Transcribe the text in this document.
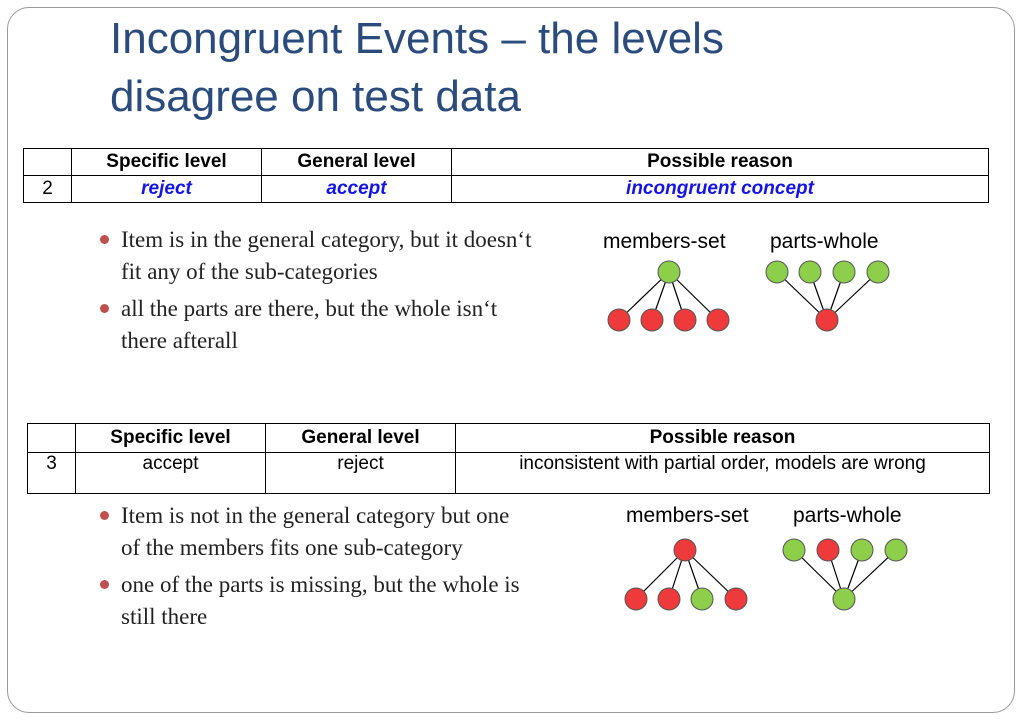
Incongruent Events – the levels
disagree on test data
	Specific level	General level	Possible reason
2	reject	accept	incongruent concept
Item is in the general category, but it doesn‘t fit any of the sub-categories
all the parts are there, but the whole isn‘t there afterall
members-set parts-whole
	Specific level	General level	Possible reason
3	accept	reject	inconsistent with partial order, models are wrong
Item is not in the general category but one of the members fits one sub-category
one of the parts is missing, but the whole is still there
members-set parts-whole
